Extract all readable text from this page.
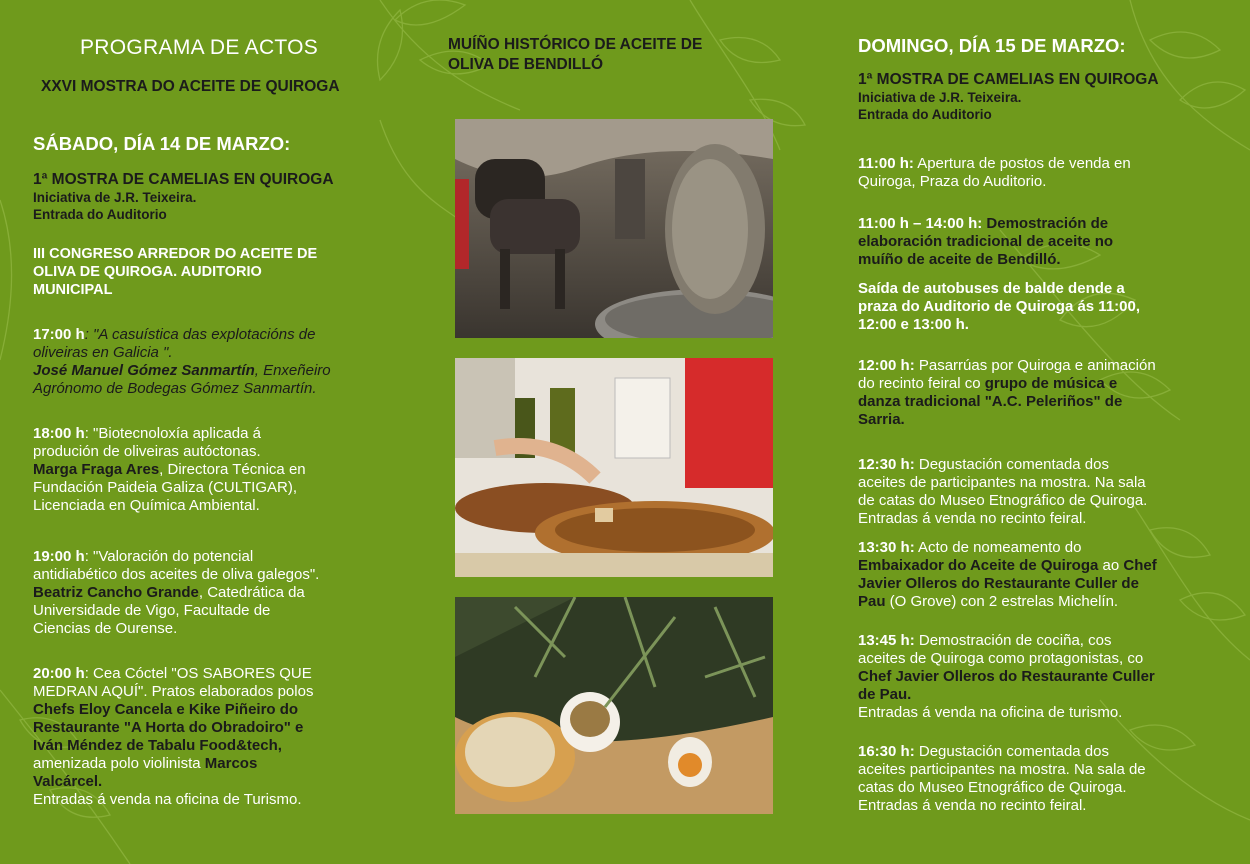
PROGRAMA DE ACTOS
XXVI MOSTRA DO ACEITE DE QUIROGA
SÁBADO, DÍA 14 DE MARZO:
1ª MOSTRA DE CAMELIAS EN QUIROGA
Iniciativa de J.R. Teixeira.
Entrada do Auditorio
III CONGRESO ARREDOR DO ACEITE DE
OLIVA DE QUIROGA. AUDITORIO
MUNICIPAL
17:00 h: "A casuística das explotacións de
oliveiras en Galicia ".
José Manuel Gómez Sanmartín, Enxeñeiro
Agrónomo de Bodegas Gómez Sanmartín.
18:00 h: "Biotecnoloxía aplicada á
produción de oliveiras autóctonas.
Marga Fraga Ares, Directora Técnica en
Fundación Paideia Galiza (CULTIGAR),
Licenciada en Química Ambiental.
19:00 h: "Valoración do potencial
antidiabético dos aceites de oliva galegos".
Beatriz Cancho Grande, Catedrática da
Universidade de Vigo, Facultade de
Ciencias de Ourense.
20:00 h: Cea Cóctel "OS SABORES QUE
MEDRAN AQUÍ". Pratos elaborados polos
Chefs Eloy Cancela e Kike Piñeiro do
Restaurante "A Horta do Obradoiro" e
Iván Méndez de Tabalu Food&tech,
amenizada polo violinista Marcos
Valcárcel.
Entradas á venda na oficina de Turismo.
MUÍÑO HISTÓRICO DE ACEITE DE
OLIVA DE BENDILLÓ
DOMINGO, DÍA 15 DE MARZO:
1ª MOSTRA DE CAMELIAS EN QUIROGA
Iniciativa de J.R. Teixeira.
Entrada do Auditorio
11:00 h: Apertura de postos de venda en
Quiroga, Praza do Auditorio.
11:00 h – 14:00 h: Demostración de
elaboración tradicional de aceite no
muíño de aceite de Bendilló.
Saída de autobuses de balde dende a
praza do Auditorio de Quiroga ás 11:00,
12:00 e 13:00 h.
12:00 h: Pasarrúas por Quiroga e animación
do recinto feiral co grupo de música e
danza tradicional "A.C. Peleriños" de
Sarria.
12:30 h: Degustación comentada dos
aceites de participantes na mostra. Na sala
de catas do Museo Etnográfico de Quiroga.
Entradas á venda no recinto feiral.
13:30 h: Acto de nomeamento do
Embaixador do Aceite de Quiroga ao Chef
Javier Olleros do Restaurante Culler de
Pau (O Grove) con 2 estrelas Michelín.
13:45 h: Demostración de cociña, cos
aceites de Quiroga como protagonistas, co
Chef Javier Olleros do Restaurante Culler
de Pau.
Entradas á venda na oficina de turismo.
16:30 h: Degustación comentada dos
aceites participantes na mostra. Na sala de
catas do Museo Etnográfico de Quiroga.
Entradas á venda no recinto feiral.
